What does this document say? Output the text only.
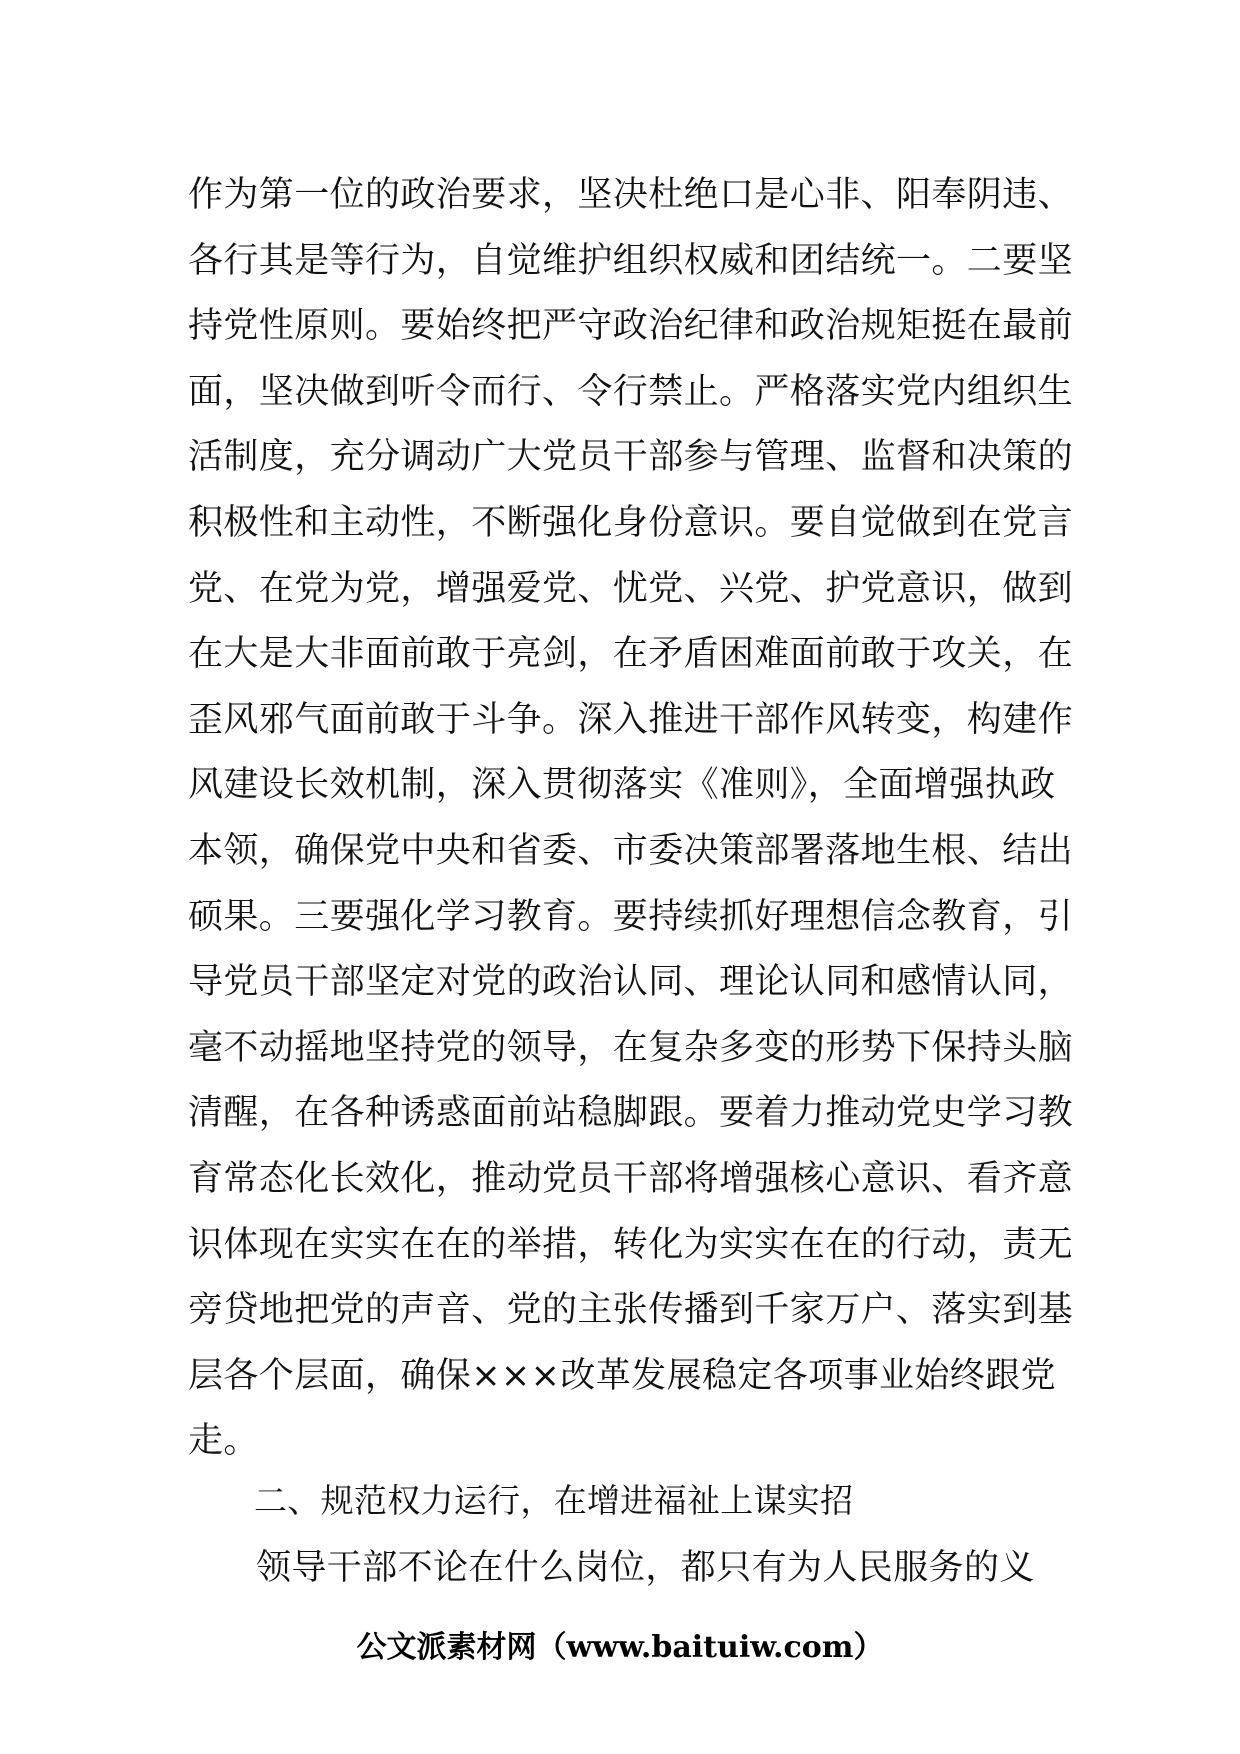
作为第一位的政治要求，坚决杜绝口是心非、阳奉阴违、
各行其是等行为，自觉维护组织权威和团结统一。二要坚
持党性原则。要始终把严守政治纪律和政治规矩挺在最前
面，坚决做到听令而行、令行禁止。严格落实党内组织生
活制度，充分调动广大党员干部参与管理、监督和决策的
积极性和主动性，不断强化身份意识。要自觉做到在党言
党、在党为党，增强爱党、忧党、兴党、护党意识，做到
在大是大非面前敢于亮剑，在矛盾困难面前敢于攻关，在
歪风邪气面前敢于斗争。深入推进干部作风转变，构建作
风建设长效机制，深入贯彻落实《准则》，全面增强执政
本领，确保党中央和省委、市委决策部署落地生根、结出
硕果。三要强化学习教育。要持续抓好理想信念教育，引
导党员干部坚定对党的政治认同、理论认同和感情认同，
毫不动摇地坚持党的领导，在复杂多变的形势下保持头脑
清醒，在各种诱惑面前站稳脚跟。要着力推动党史学习教
育常态化长效化，推动党员干部将增强核心意识、看齐意
识体现在实实在在的举措，转化为实实在在的行动，责无
旁贷地把党的声音、党的主张传播到千家万户、落实到基
层各个层面，确保×××改革发展稳定各项事业始终跟党
走。
二、规范权力运行，在增进福祉上谋实招
领导干部不论在什么岗位，都只有为人民服务的义
公文派素材网（www.baituiw.com）
